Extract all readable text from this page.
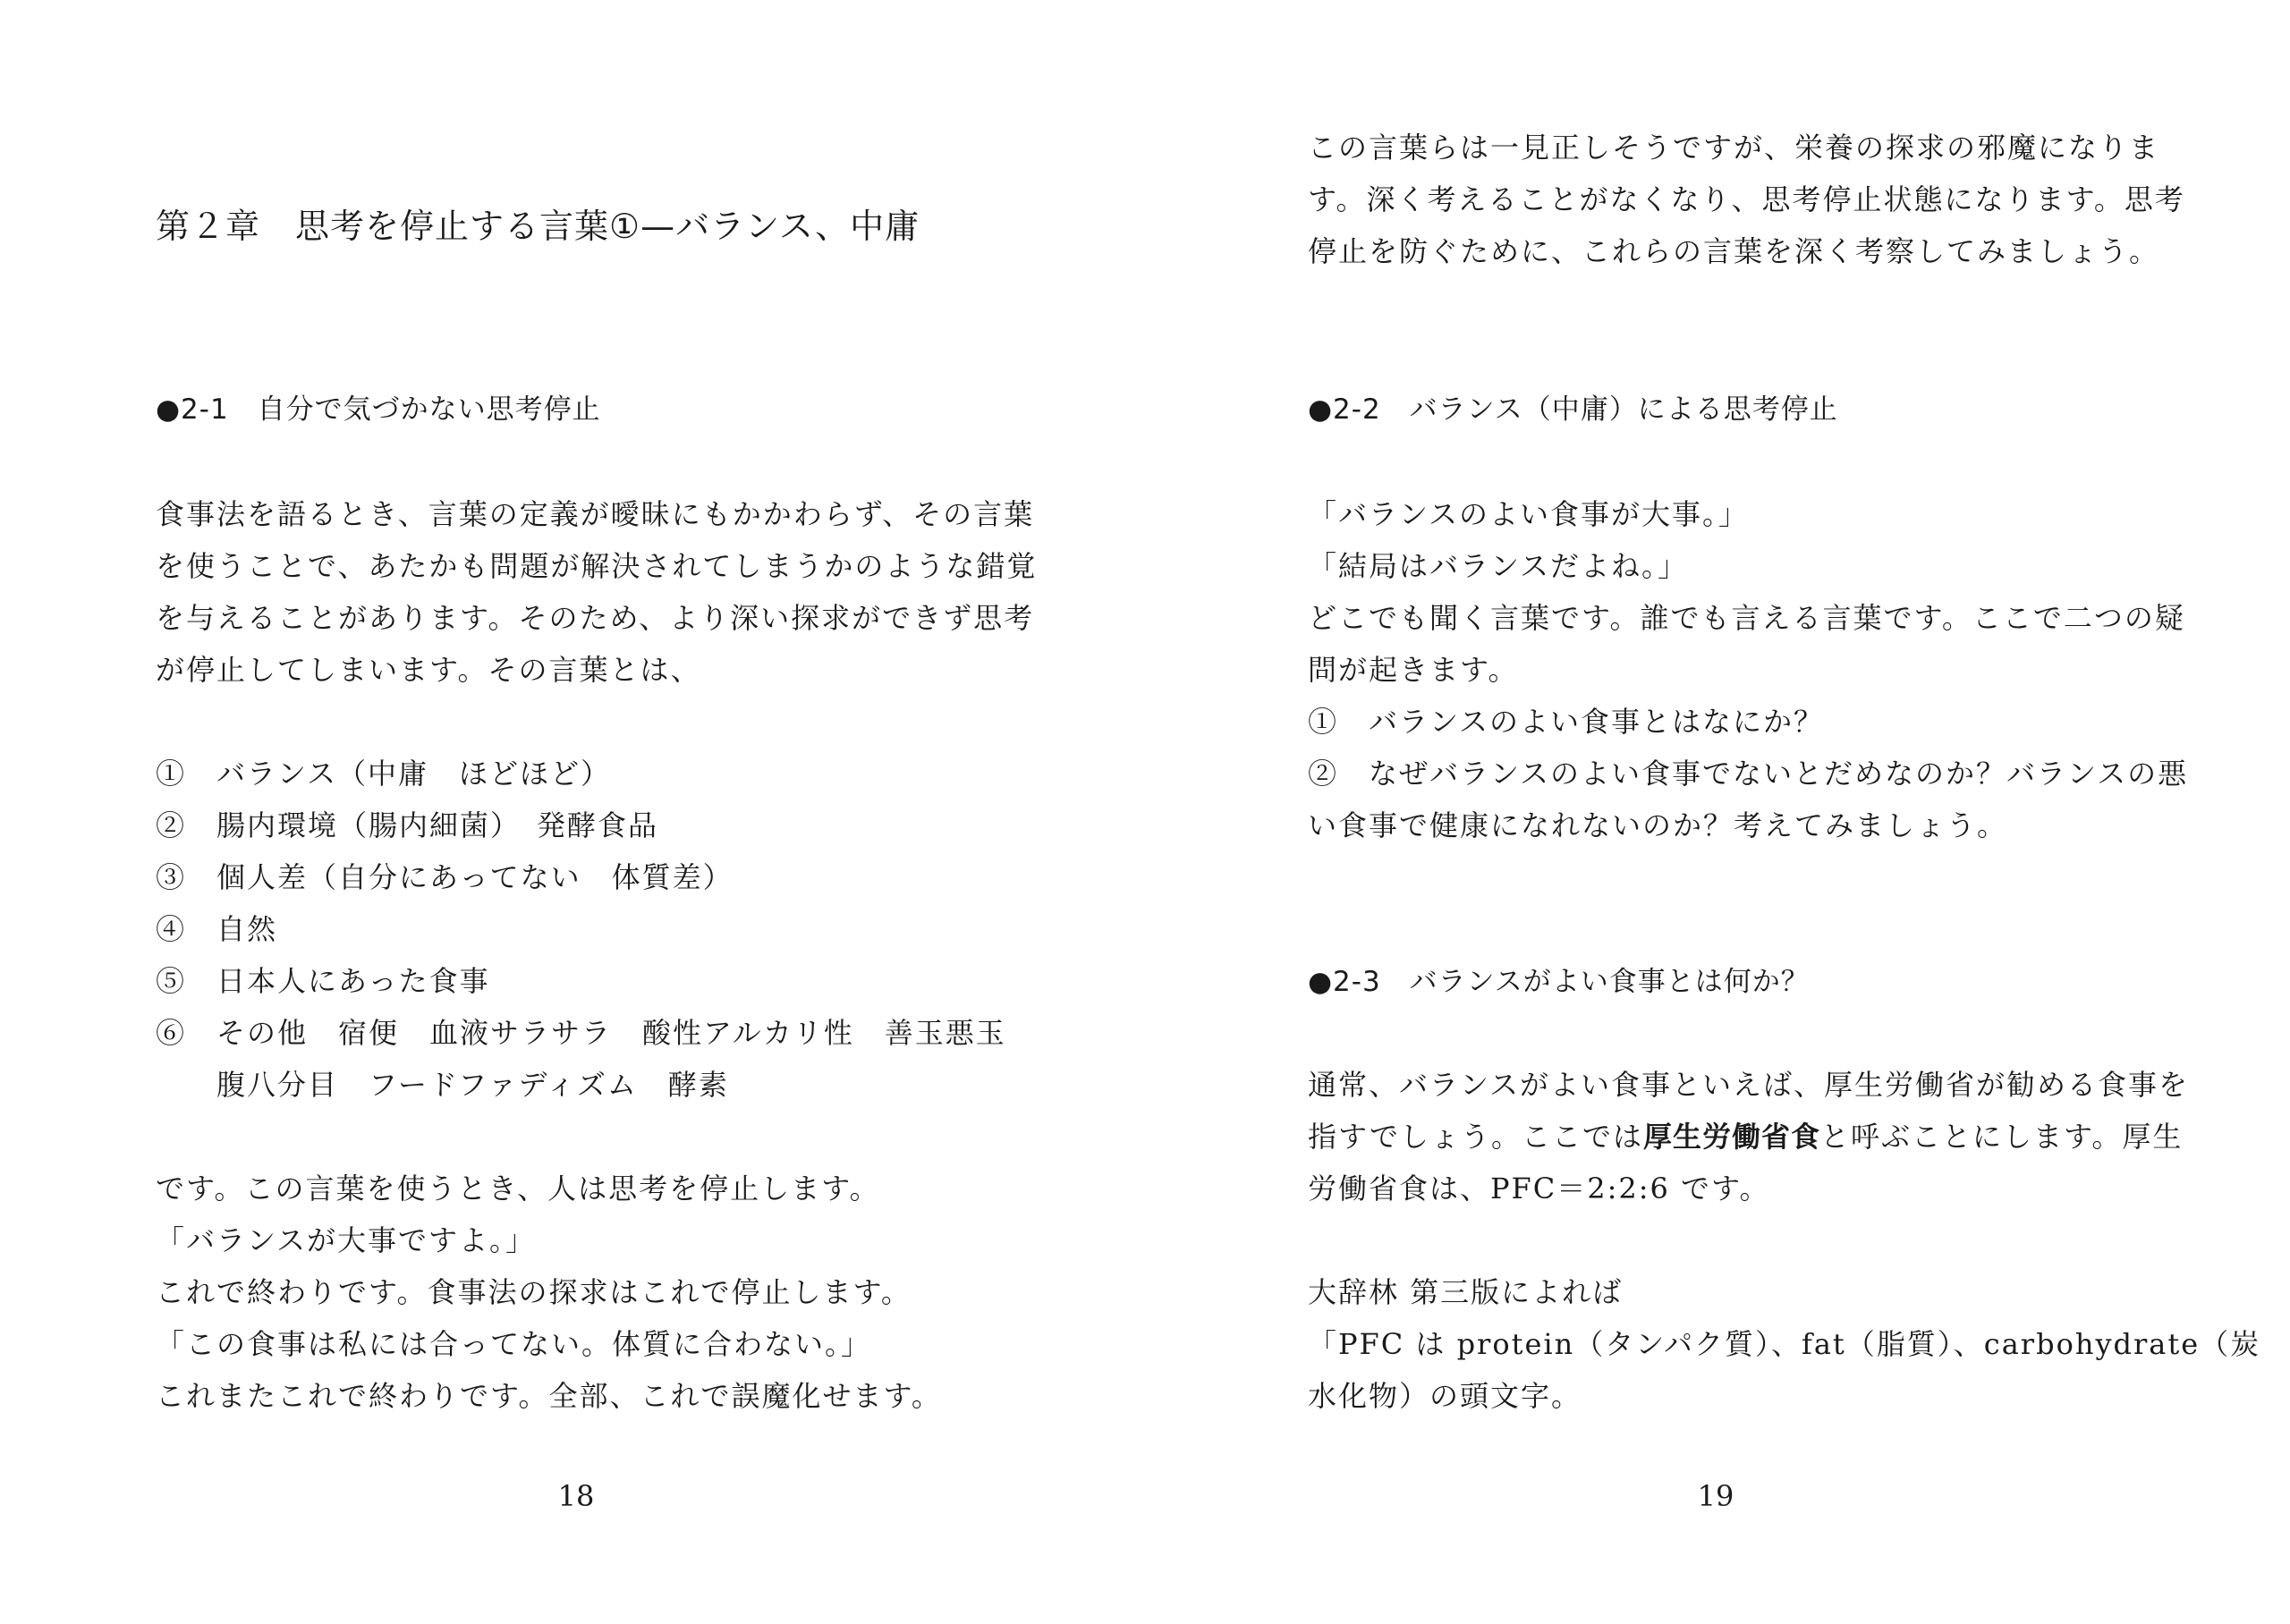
第２章　思考を停止する言葉①—バランス、中庸

●2-1　自分で気づかない思考停止

食事法を語るとき、言葉の定義が曖昧にもかかわらず、その言葉

を使うことで、あたかも問題が解決されてしまうかのような錯覚

を与えることがあります。そのため、より深い探求ができず思考

が停止してしまいます。その言葉とは、

①　バランス（中庸　ほどほど）

②　腸内環境（腸内細菌）　発酵食品

③　個人差（自分にあってない　体質差）

④　自然

⑤　日本人にあった食事

⑥　その他　宿便　血液サラサラ　酸性アルカリ性　善玉悪玉

　　腹八分目　フードファディズム　酵素

です。この言葉を使うとき、人は思考を停止します。

「バランスが大事ですよ。」

これで終わりです。食事法の探求はこれで停止します。

「この食事は私には合ってない。体質に合わない。」

これまたこれで終わりです。全部、これで誤魔化せます。

18

この言葉らは一見正しそうですが、栄養の探求の邪魔になりま

す。深く考えることがなくなり、思考停止状態になります。思考

停止を防ぐために、これらの言葉を深く考察してみましょう。

●2-2　バランス（中庸）による思考停止

「バランスのよい食事が大事。」

「結局はバランスだよね。」

どこでも聞く言葉です。誰でも言える言葉です。ここで二つの疑

問が起きます。

①　バランスのよい食事とはなにか？

②　なぜバランスのよい食事でないとだめなのか？バランスの悪

い食事で健康になれないのか？考えてみましょう。

●2-3　バランスがよい食事とは何か？

通常、バランスがよい食事といえば、厚生労働省が勧める食事を

指すでしょう。ここでは厚生労働省食と呼ぶことにします。厚生

労働省食は、PFC＝2:2:6 です。

大辞林 第三版によれば

「PFC は protein（タンパク質）、fat（脂質）、carbohydrate（炭

水化物）の頭文字。

19
